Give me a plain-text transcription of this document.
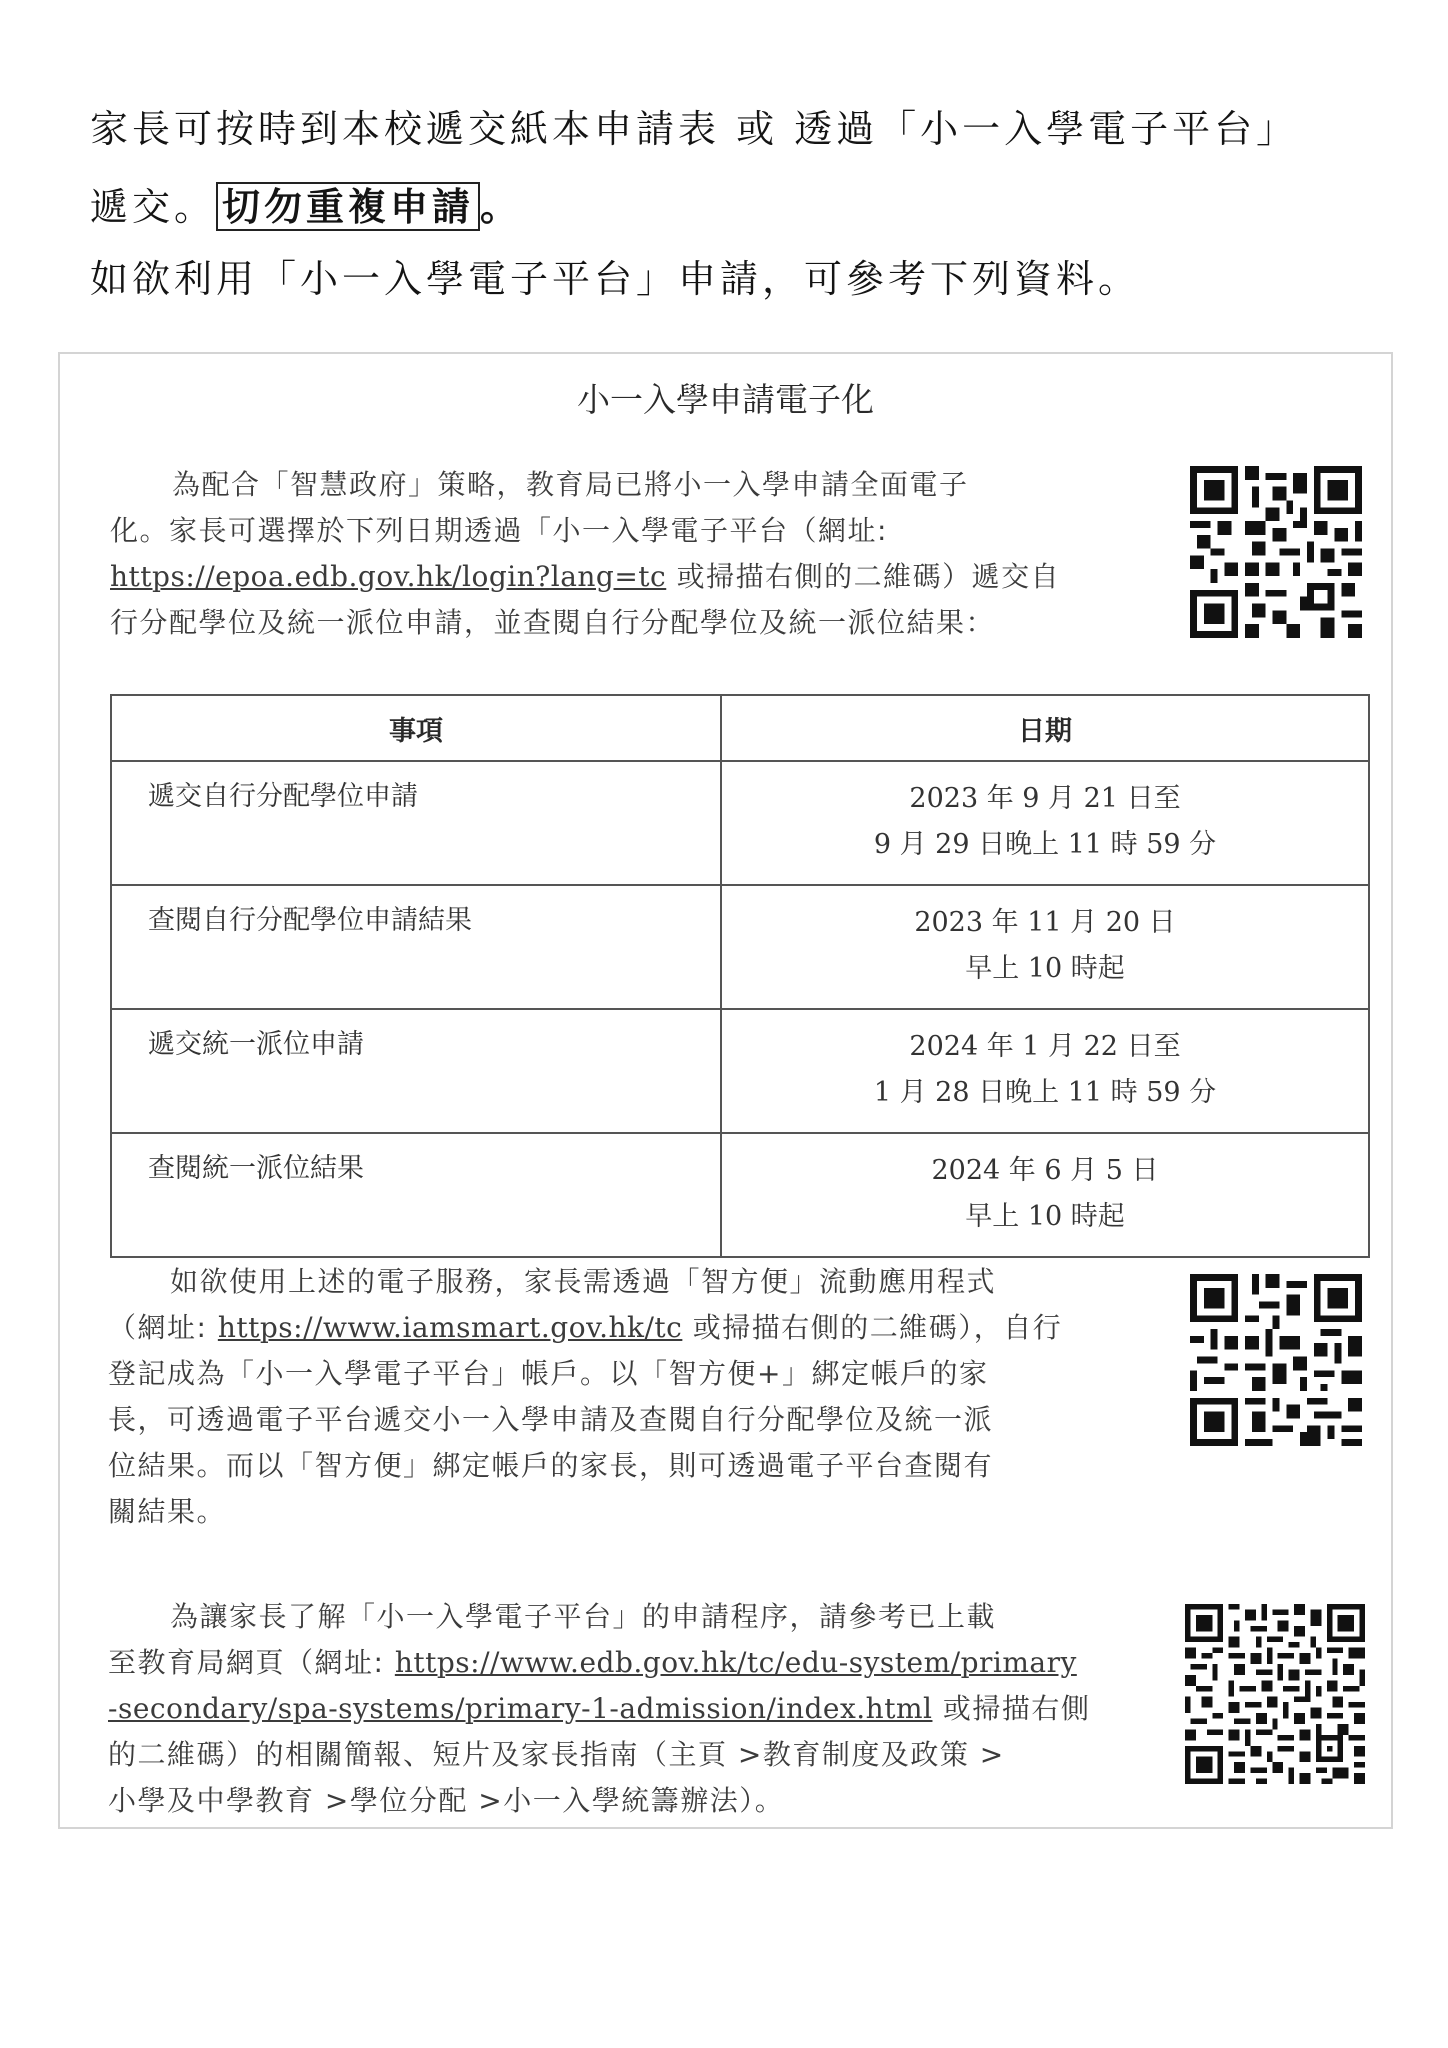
家長可按時到本校遞交紙本申請表 或 透過「小一入學電子平台」
遞交。 切勿重複申請 。
如欲利用「小一入學電子平台」申請，可參考下列資料。
小一入學申請電子化
為配合「智慧政府」策略，教育局已將小一入學申請全面電子
化。家長可選擇於下列日期透過「小一入學電子平台（網址:
https://epoa.edb.gov.hk/login?lang=tc 或掃描右側的二維碼）遞交自
行分配學位及統一派位申請，並查閱自行分配學位及統一派位結果：
事項	日期
遞交自行分配學位申請	2023 年 9 月 21 日至
9 月 29 日晚上 11 時 59 分

查閱自行分配學位申請結果	2023 年 11 月 20 日
早上 10 時起

遞交統一派位申請	2024 年 1 月 22 日至
1 月 28 日晚上 11 時 59 分

查閱統一派位結果	2024 年 6 月 5 日
早上 10 時起
如欲使用上述的電子服務，家長需透過「智方便」流動應用程式
（網址: https://www.iamsmart.gov.hk/tc 或掃描右側的二維碼），自行
登記成為「小一入學電子平台」帳戶。以「智方便+」綁定帳戶的家
長，可透過電子平台遞交小一入學申請及查閱自行分配學位及統一派
位結果。而以「智方便」綁定帳戶的家長，則可透過電子平台查閱有
關結果。
為讓家長了解「小一入學電子平台」的申請程序，請參考已上載
至教育局網頁（網址: https://www.edb.gov.hk/tc/edu-system/primary
-secondary/spa-systems/primary-1-admission/index.html 或掃描右側
的二維碼）的相關簡報、短片及家長指南（主頁 >教育制度及政策 >
小學及中學教育 >學位分配 >小一入學統籌辦法）。
